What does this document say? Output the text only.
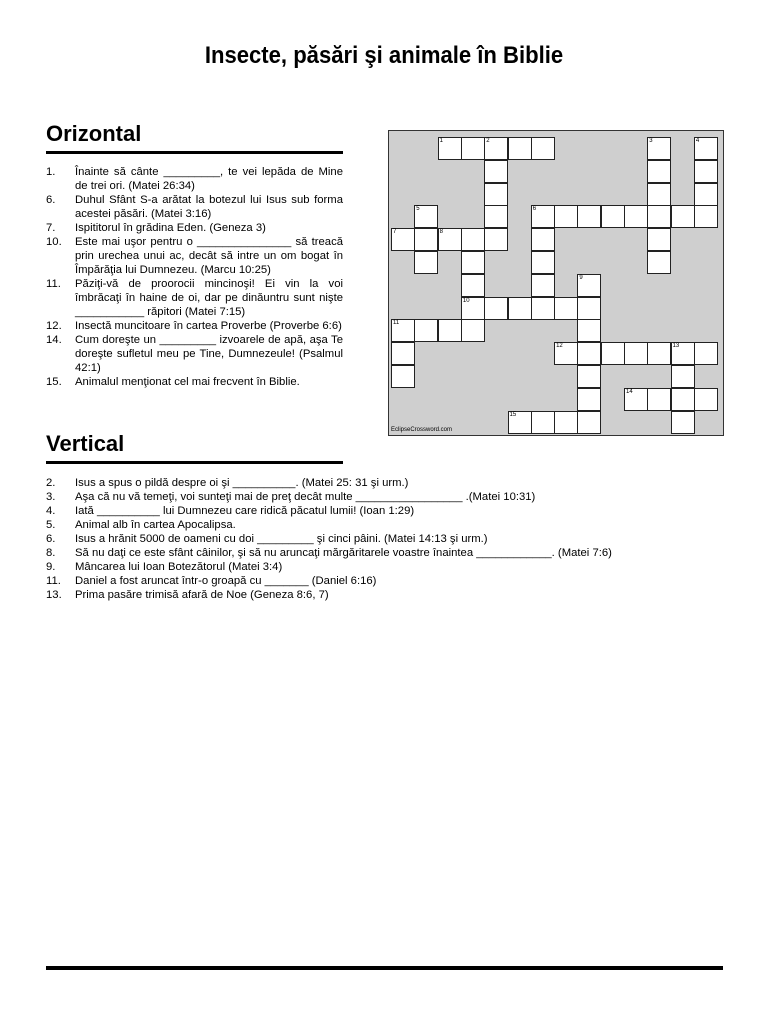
Insecte, păsări şi animale în Biblie
Orizontal
1.	Înainte să cânte _________, te vei lepăda de Mine de trei ori. (Matei 26:34)
6.	Duhul Sfânt S-a arătat la botezul lui Isus sub forma acestei păsări. (Matei 3:16)
7.	Ispititorul în grădina Eden. (Geneza 3)
10.	Este mai uşor pentru o _______________ să treacă prin urechea unui ac, decât să intre un om bogat în Împărăţia lui Dumnezeu. (Marcu 10:25)
11.	Păziţi-vă de proorocii mincinoşi! Ei vin la voi îmbrăcaţi în haine de oi, dar pe dinăuntru sunt nişte ___________ răpitori (Matei 7:15)
12.	Insectă muncitoare în cartea Proverbe (Proverbe 6:6)
14.	Cum doreşte un _________ izvoarele de apă, aşa Te doreşte sufletul meu pe Tine, Dumnezeule! (Psalmul 42:1)
15.	Animalul menţionat cel mai frecvent în Biblie.
EclipseCrossword.com
1	2	3	4
5	6
7	8
9
10
11
12	13
14
15
Vertical
2.	Isus a spus o pildă despre oi şi __________. (Matei 25: 31 şi urm.)
3.	Aşa că nu vă temeţi, voi sunteţi mai de preţ decât multe _________________ .(Matei 10:31)
4.	Iată __________ lui Dumnezeu care ridică păcatul lumii! (Ioan 1:29)
5.	Animal alb în cartea Apocalipsa.
6.	Isus a hrănit 5000 de oameni cu doi _________ şi cinci pâini. (Matei 14:13 şi urm.)
8.	Să nu daţi ce este sfânt câinilor, şi să nu aruncaţi mărgăritarele voastre înaintea ____________. (Matei 7:6)
9.	Mâncarea lui Ioan Botezătorul (Matei 3:4)
11.	Daniel a fost aruncat într-o groapă cu _______ (Daniel 6:16)
13.	Prima pasăre trimisă afară de Noe (Geneza 8:6, 7)
